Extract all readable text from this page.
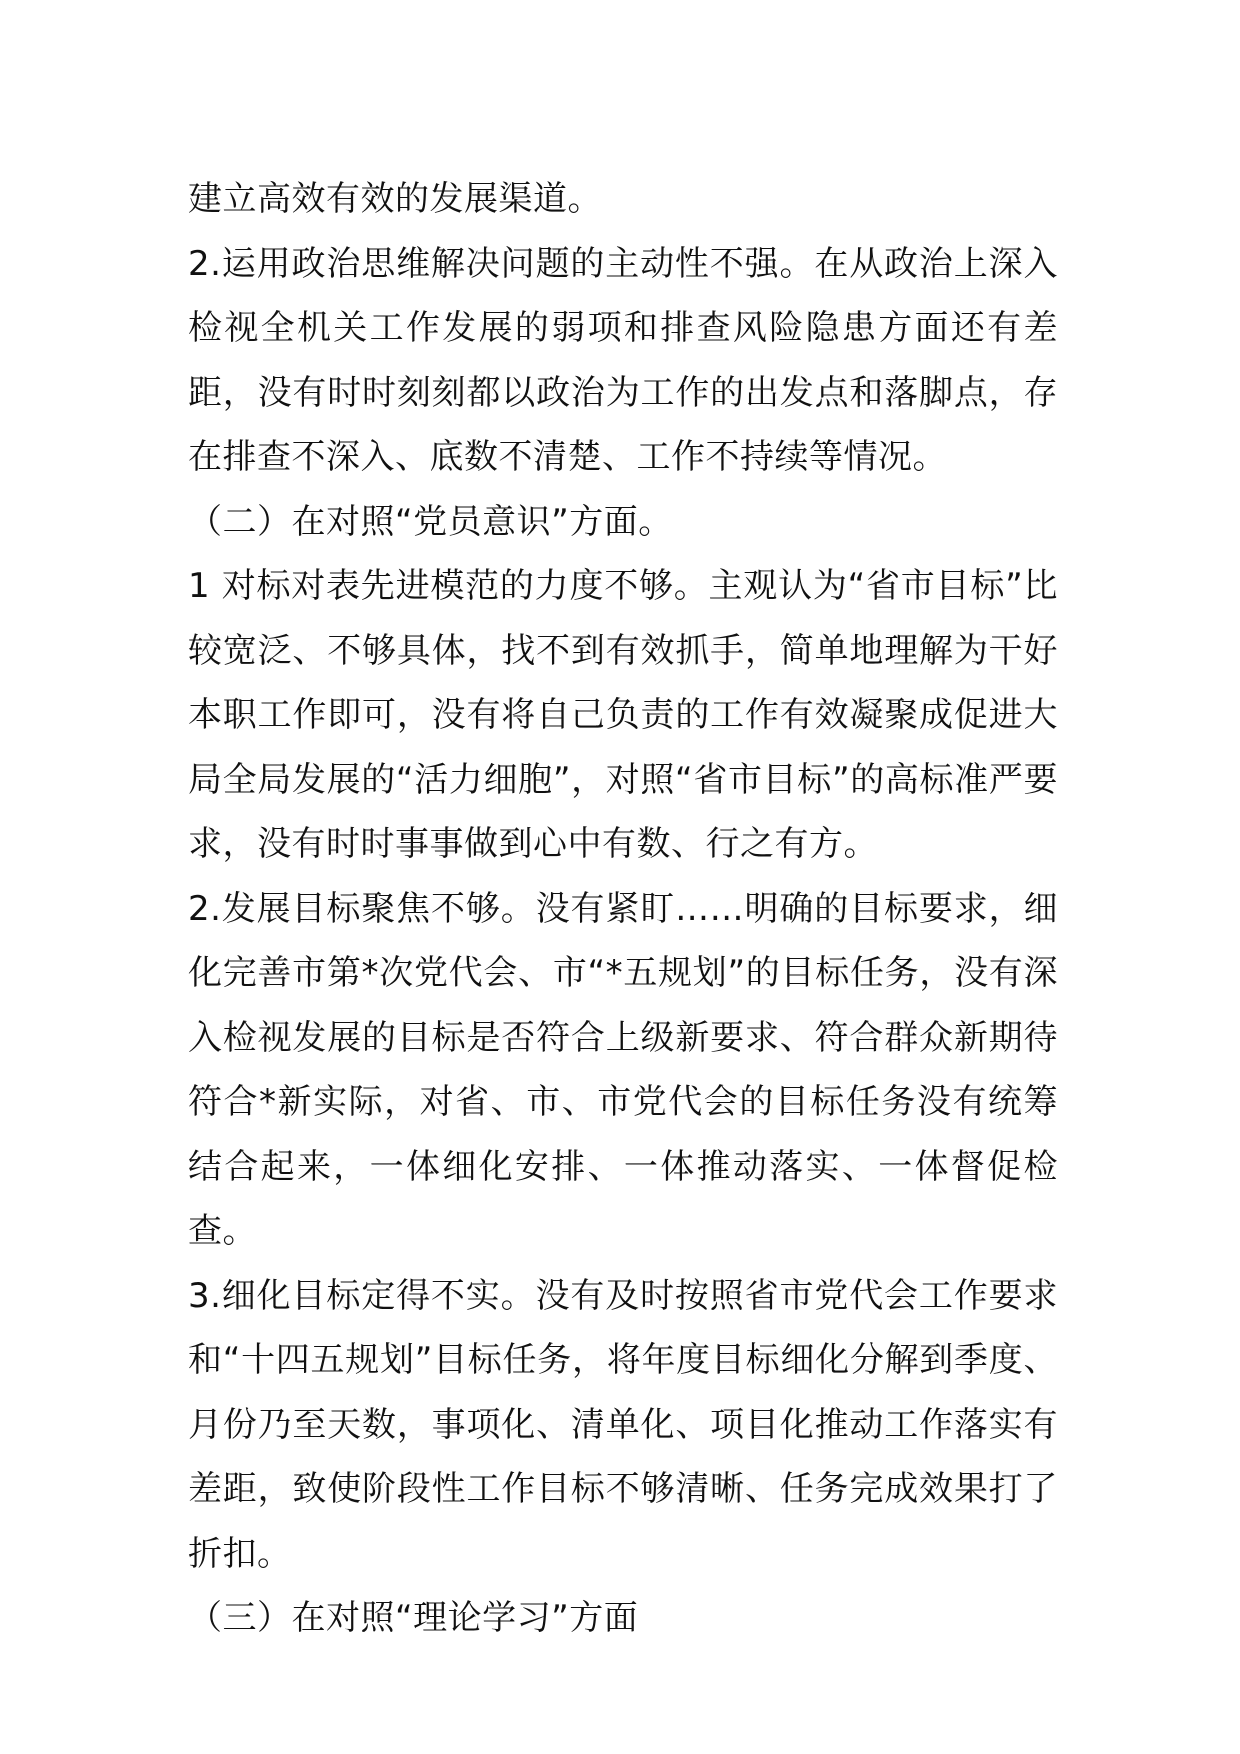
建立高效有效的发展渠道。

2.运用政治思维解决问题的主动性不强。在从政治上深入检视全机关工作发展的弱项和排查风险隐患方面还有差距，没有时时刻刻都以政治为工作的出发点和落脚点，存在排查不深入、底数不清楚、工作不持续等情况。

（二）在对照“党员意识”方面。

1 对标对表先进模范的力度不够。主观认为“省市目标”比较宽泛、不够具体，找不到有效抓手，简单地理解为干好本职工作即可，没有将自己负责的工作有效凝聚成促进大局全局发展的“活力细胞”，对照“省市目标”的高标准严要求，没有时时事事做到心中有数、行之有方。

2.发展目标聚焦不够。没有紧盯……明确的目标要求，细化完善市第*次党代会、市“*五规划”的目标任务，没有深入检视发展的目标是否符合上级新要求、符合群众新期待符合*新实际，对省、市、市党代会的目标任务没有统筹结合起来，一体细化安排、一体推动落实、一体督促检查。

3.细化目标定得不实。没有及时按照省市党代会工作要求和“十四五规划”目标任务，将年度目标细化分解到季度、月份乃至天数，事项化、清单化、项目化推动工作落实有差距，致使阶段性工作目标不够清晰、任务完成效果打了折扣。

（三）在对照“理论学习”方面
